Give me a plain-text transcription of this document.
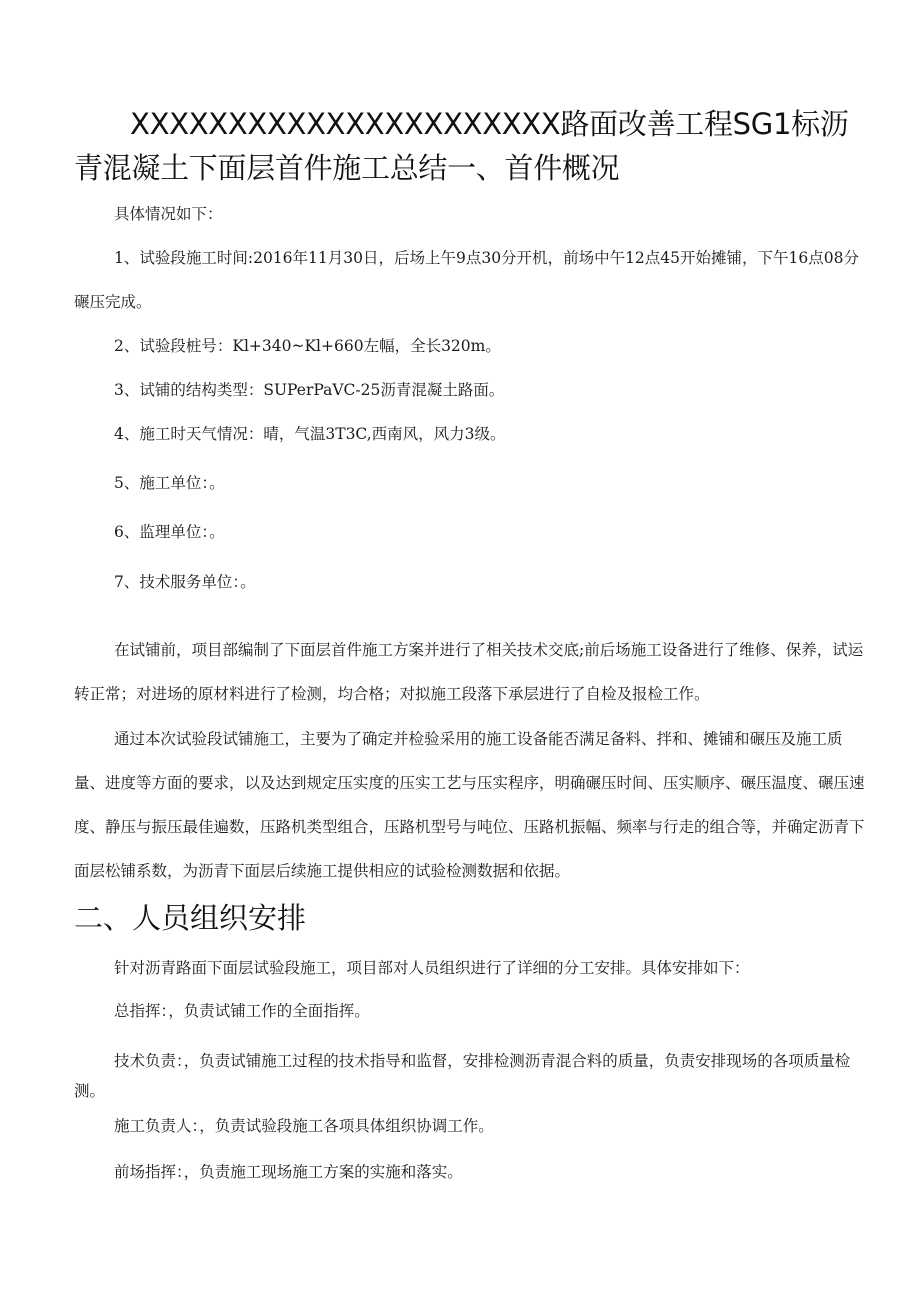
XXXXXXXXXXXXXXXXXXXXXX路面改善工程SG1标沥青混凝土下面层首件施工总结一、首件概况

具体情况如下：

1、试验段施工时间:2016年11月30日，后场上午9点30分开机，前场中午12点45开始摊铺，下午16点08分碾压完成。

2、试验段桩号：Kl+340~Kl+660左幅，全长320m。

3、试铺的结构类型：SUPerPaVC-25沥青混凝土路面。

4、施工时天气情况：晴，气温3T3C,西南风，风力3级。

5、施工单位：。

6、监理单位：。

7、技术服务单位：。

在试铺前，项目部编制了下面层首件施工方案并进行了相关技术交底;前后场施工设备进行了维修、保养，试运转正常；对进场的原材料进行了检测，均合格；对拟施工段落下承层进行了自检及报检工作。

通过本次试验段试铺施工，主要为了确定并检验采用的施工设备能否满足备料、拌和、摊铺和碾压及施工质量、进度等方面的要求，以及达到规定压实度的压实工艺与压实程序，明确碾压时间、压实顺序、碾压温度、碾压速度、静压与振压最佳遍数，压路机类型组合，压路机型号与吨位、压路机振幅、频率与行走的组合等，并确定沥青下面层松铺系数，为沥青下面层后续施工提供相应的试验检测数据和依据。

二、人员组织安排

针对沥青路面下面层试验段施工，项目部对人员组织进行了详细的分工安排。具体安排如下：

总指挥：，负责试铺工作的全面指挥。

技术负责：，负责试铺施工过程的技术指导和监督，安排检测沥青混合料的质量，负责安排现场的各项质量检测。

施工负责人：，负责试验段施工各项具体组织协调工作。

前场指挥：，负责施工现场施工方案的实施和落实。
